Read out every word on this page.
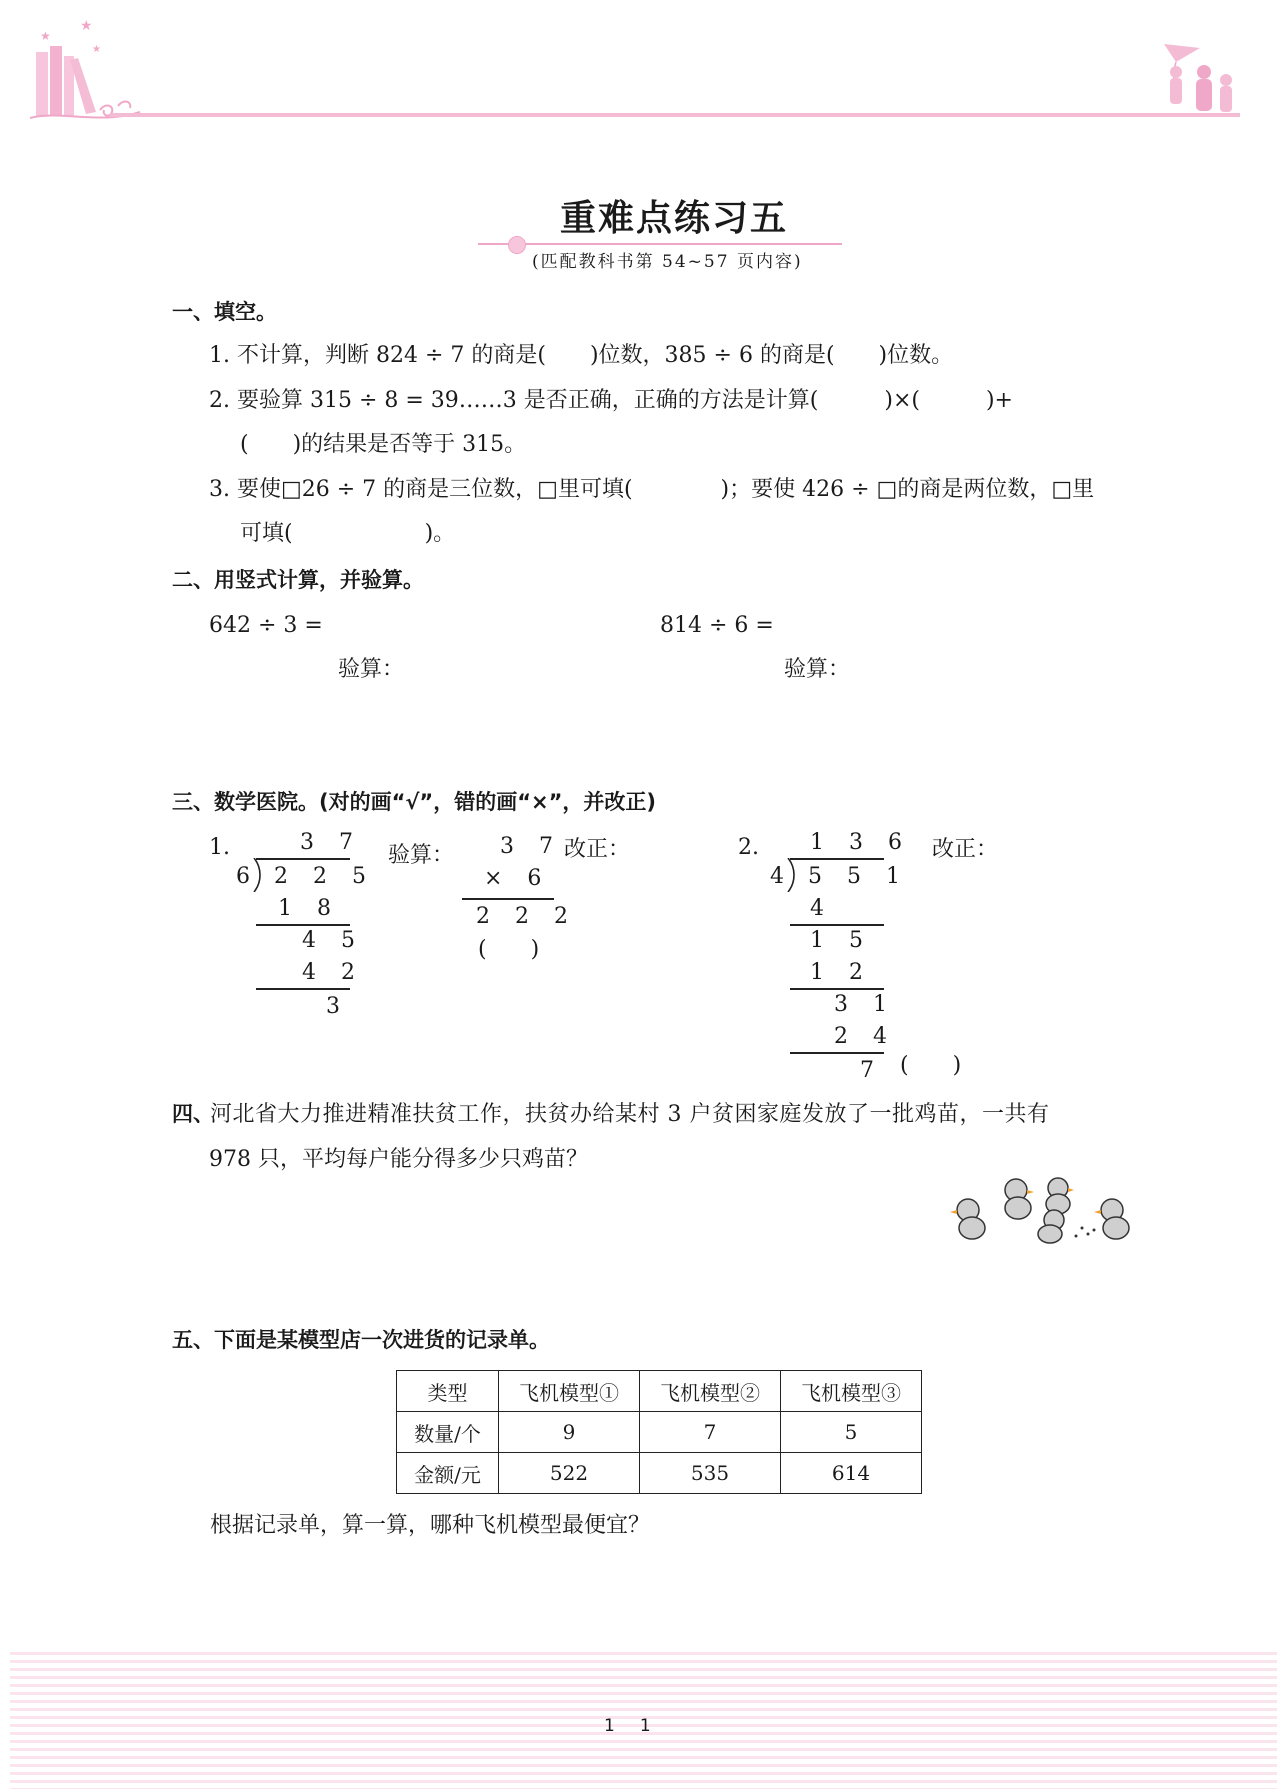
★
★
★
重难点练习五
(匹配教科书第 54~57 页内容)
一、填空。
1. 不计算，判断 824 ÷ 7 的商是(　　)位数，385 ÷ 6 的商是(　　)位数。
2. 要验算 315 ÷ 8 = 39……3 是否正确，正确的方法是计算(　　　)×(　　　)+
(　　)的结果是否等于 315。
3. 要使□26 ÷ 7 的商是三位数，□里可填(　　　　)；要使 426 ÷ □的商是两位数，□里
可填(　　　　　　)。
二、用竖式计算，并验算。
642 ÷ 3 =	814 ÷ 6 =
验算：	验算：
三、数学医院。(对的画“√”，错的画“×”，并改正)
1.	3 7
6 2 2 5
1 8
4 5
4 2
3
验算： 3 7
× 6
2 2 2
(　　)
改正：	2. 1 3 6
4 5 5 1
4
1 5
1 2
3 1
2 4
7 (　　)
改正：
四、
河北省大力推进精准扶贫工作，扶贫办给某村 3 户贫困家庭发放了一批鸡苗，一共有
978 只，平均每户能分得多少只鸡苗？
五、下面是某模型店一次进货的记录单。
类型	飞机模型①	飞机模型②	飞机模型③
数量/个	9	7	5
金额/元	522	535	614
根据记录单，算一算，哪种飞机模型最便宜？
1　1
